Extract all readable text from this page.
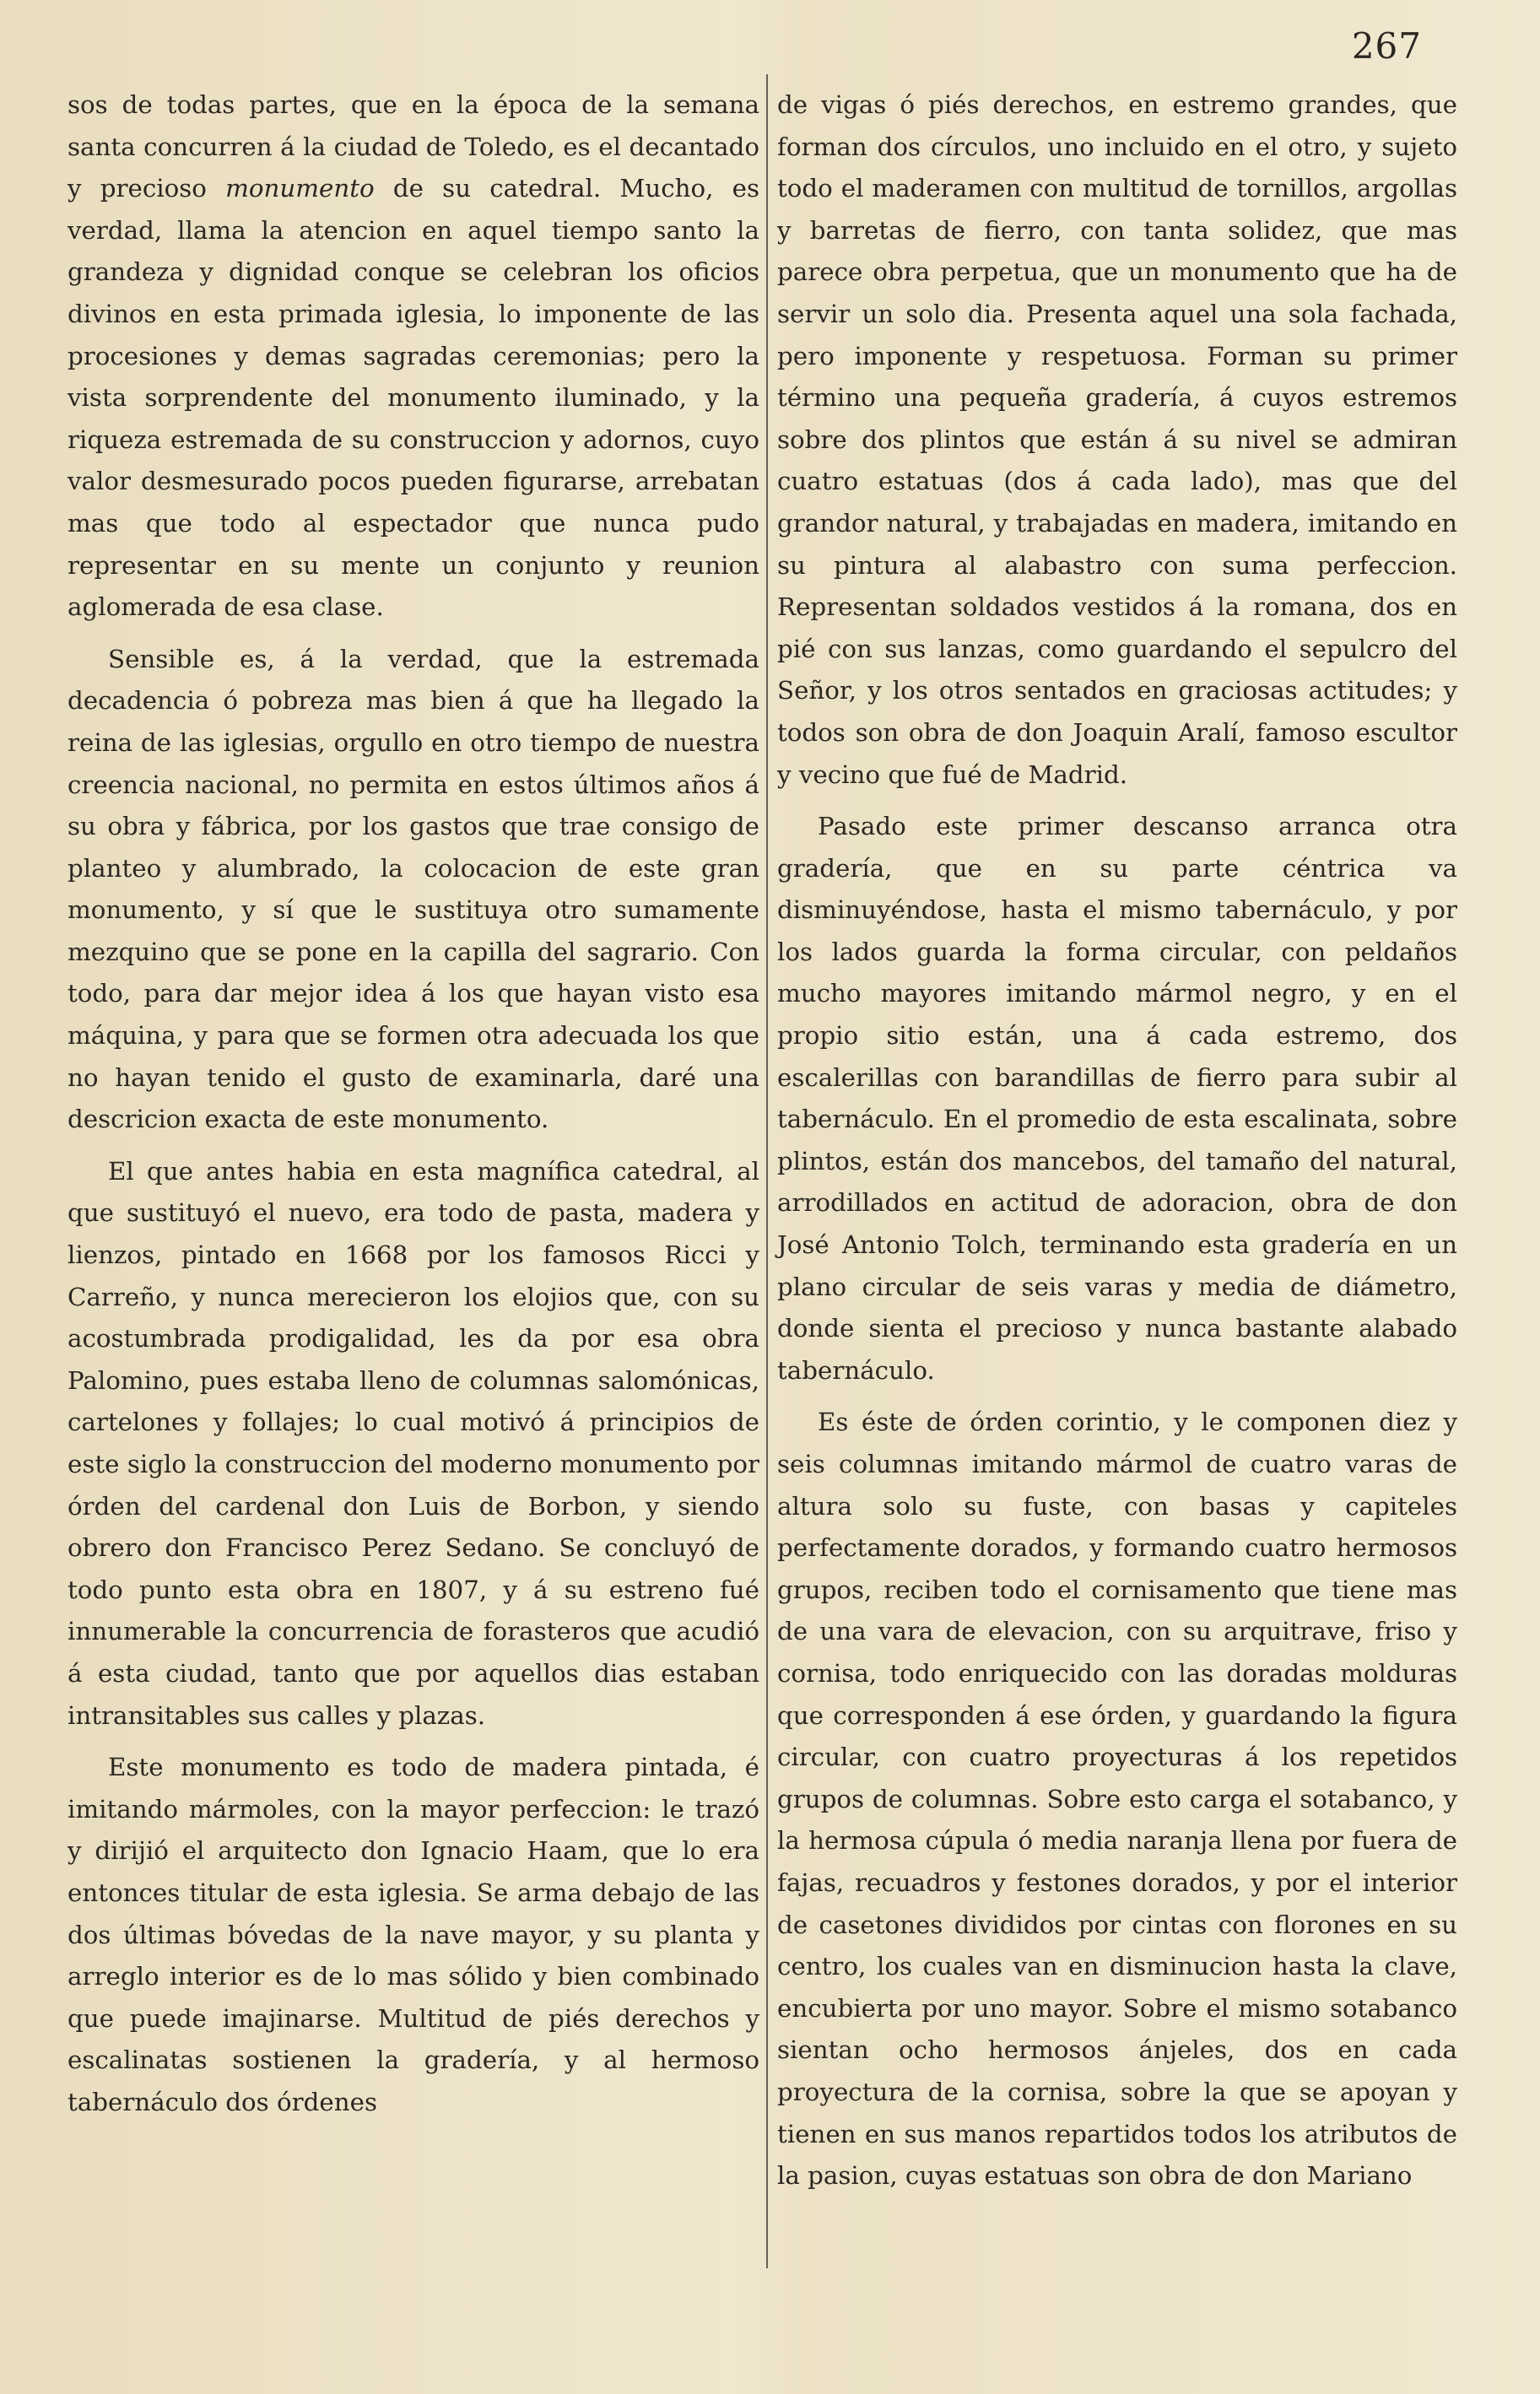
267

sos de todas partes, que en la época de la semana santa concurren á la ciudad de Toledo, es el decantado y precioso monumento de su catedral. Mucho, es verdad, llama la atencion en aquel tiempo santo la grandeza y dignidad conque se celebran los oficios divinos en esta primada iglesia, lo imponente de las procesiones y demas sagradas ceremonias; pero la vista sorprendente del monumento iluminado, y la riqueza estremada de su construccion y adornos, cuyo valor desmesurado pocos pueden figurarse, arrebatan mas que todo al espectador que nunca pudo representar en su mente un conjunto y reunion aglomerada de esa clase.

Sensible es, á la verdad, que la estremada decadencia ó pobreza mas bien á que ha llegado la reina de las iglesias, orgullo en otro tiempo de nuestra creencia nacional, no permita en estos últimos años á su obra y fábrica, por los gastos que trae consigo de planteo y alumbrado, la colocacion de este gran monumento, y sí que le sustituya otro sumamente mezquino que se pone en la capilla del sagrario. Con todo, para dar mejor idea á los que hayan visto esa máquina, y para que se formen otra adecuada los que no hayan tenido el gusto de examinarla, daré una descricion exacta de este monumento.

El que antes habia en esta magnífica catedral, al que sustituyó el nuevo, era todo de pasta, madera y lienzos, pintado en 1668 por los famosos Ricci y Carreño, y nunca merecieron los elojios que, con su acostumbrada prodigalidad, les da por esa obra Palomino, pues estaba lleno de columnas salomónicas, cartelones y follajes; lo cual motivó á principios de este siglo la construccion del moderno monumento por órden del cardenal don Luis de Borbon, y siendo obrero don Francisco Perez Sedano. Se concluyó de todo punto esta obra en 1807, y á su estreno fué innumerable la concurrencia de forasteros que acudió á esta ciudad, tanto que por aquellos dias estaban intransitables sus calles y plazas.

Este monumento es todo de madera pintada, é imitando mármoles, con la mayor perfeccion: le trazó y dirijió el arquitecto don Ignacio Haam, que lo era entonces titular de esta iglesia. Se arma debajo de las dos últimas bóvedas de la nave mayor, y su planta y arreglo interior es de lo mas sólido y bien combinado que puede imajinarse. Multitud de piés derechos y escalinatas sostienen la gradería, y al hermoso tabernáculo dos órdenes

de vigas ó piés derechos, en estremo grandes, que forman dos círculos, uno incluido en el otro, y sujeto todo el maderamen con multitud de tornillos, argollas y barretas de fierro, con tanta solidez, que mas parece obra perpetua, que un monumento que ha de servir un solo dia. Presenta aquel una sola fachada, pero imponente y respetuosa. Forman su primer término una pequeña gradería, á cuyos estremos sobre dos plintos que están á su nivel se admiran cuatro estatuas (dos á cada lado), mas que del grandor natural, y trabajadas en madera, imitando en su pintura al alabastro con suma perfeccion. Representan soldados vestidos á la romana, dos en pié con sus lanzas, como guardando el sepulcro del Señor, y los otros sentados en graciosas actitudes; y todos son obra de don Joaquin Aralí, famoso escultor y vecino que fué de Madrid.

Pasado este primer descanso arranca otra gradería, que en su parte céntrica va disminuyéndose, hasta el mismo tabernáculo, y por los lados guarda la forma circular, con peldaños mucho mayores imitando mármol negro, y en el propio sitio están, una á cada estremo, dos escalerillas con barandillas de fierro para subir al tabernáculo. En el promedio de esta escalinata, sobre plintos, están dos mancebos, del tamaño del natural, arrodillados en actitud de adoracion, obra de don José Antonio Tolch, terminando esta gradería en un plano circular de seis varas y media de diámetro, donde sienta el precioso y nunca bastante alabado tabernáculo.

Es éste de órden corintio, y le componen diez y seis columnas imitando mármol de cuatro varas de altura solo su fuste, con basas y capiteles perfectamente dorados, y formando cuatro hermosos grupos, reciben todo el cornisamento que tiene mas de una vara de elevacion, con su arquitrave, friso y cornisa, todo enriquecido con las doradas molduras que corresponden á ese órden, y guardando la figura circular, con cuatro proyecturas á los repetidos grupos de columnas. Sobre esto carga el sotabanco, y la hermosa cúpula ó media naranja llena por fuera de fajas, recuadros y festones dorados, y por el interior de casetones divididos por cintas con florones en su centro, los cuales van en disminucion hasta la clave, encubierta por uno mayor. Sobre el mismo sotabanco sientan ocho hermosos ánjeles, dos en cada proyectura de la cornisa, sobre la que se apoyan y tienen en sus manos repartidos todos los atributos de la pasion, cuyas estatuas son obra de don Mariano
